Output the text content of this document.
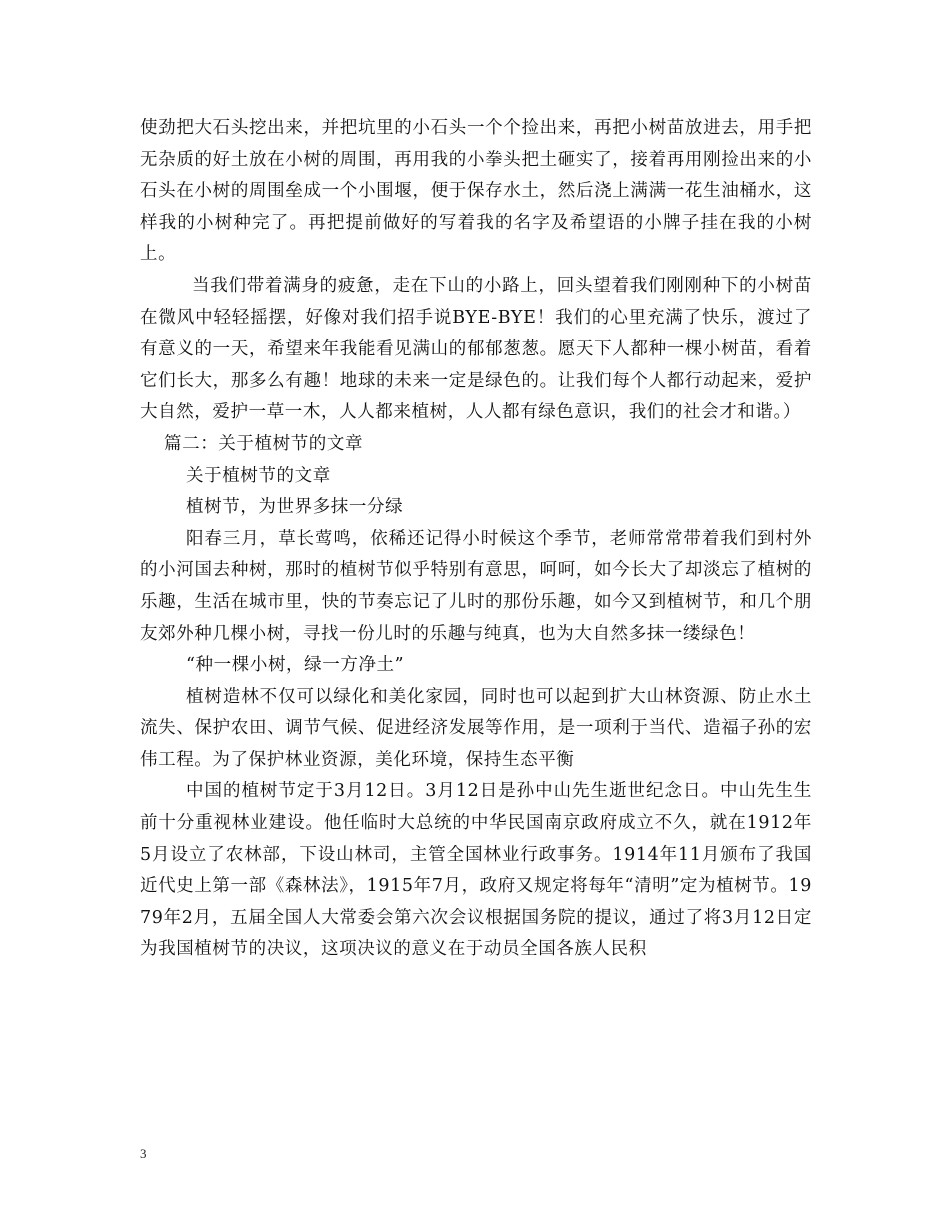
使劲把大石头挖出来，并把坑里的小石头一个个捡出来，再把小树苗放进去，用手把无杂质的好土放在小树的周围，再用我的小拳头把土砸实了，接着再用刚捡出来的小石头在小树的周围垒成一个小围堰，便于保存水土，然后浇上满满一花生油桶水，这样我的小树种完了。再把提前做好的写着我的名字及希望语的小牌子挂在我的小树上。

当我们带着满身的疲惫，走在下山的小路上，回头望着我们刚刚种下的小树苗在微风中轻轻摇摆，好像对我们招手说BYE-BYE！我们的心里充满了快乐，渡过了有意义的一天，希望来年我能看见满山的郁郁葱葱。愿天下人都种一棵小树苗，看着它们长大，那多么有趣！地球的未来一定是绿色的。让我们每个人都行动起来，爱护大自然，爱护一草一木，人人都来植树，人人都有绿色意识，我们的社会才和谐。）

篇二：关于植树节的文章

关于植树节的文章

植树节，为世界多抹一分绿

阳春三月，草长莺鸣，依稀还记得小时候这个季节，老师常常带着我们到村外的小河国去种树，那时的植树节似乎特别有意思，呵呵，如今长大了却淡忘了植树的乐趣，生活在城市里，快的节奏忘记了儿时的那份乐趣，如今又到植树节，和几个朋友郊外种几棵小树，寻找一份儿时的乐趣与纯真，也为大自然多抹一缕绿色！

“种一棵小树，绿一方净土”

植树造林不仅可以绿化和美化家园，同时也可以起到扩大山林资源、防止水土流失、保护农田、调节气候、促进经济发展等作用，是一项利于当代、造福子孙的宏伟工程。为了保护林业资源，美化环境，保持生态平衡

中国的植树节定于3月12日。3月12日是孙中山先生逝世纪念日。中山先生生前十分重视林业建设。他任临时大总统的中华民国南京政府成立不久，就在1912年5月设立了农林部，下设山林司，主管全国林业行政事务。1914年11月颁布了我国近代史上第一部《森林法》，1915年7月，政府又规定将每年“清明”定为植树节。1979年2月，五届全国人大常委会第六次会议根据国务院的提议，通过了将3月12日定为我国植树节的决议，这项决议的意义在于动员全国各族人民积

3
